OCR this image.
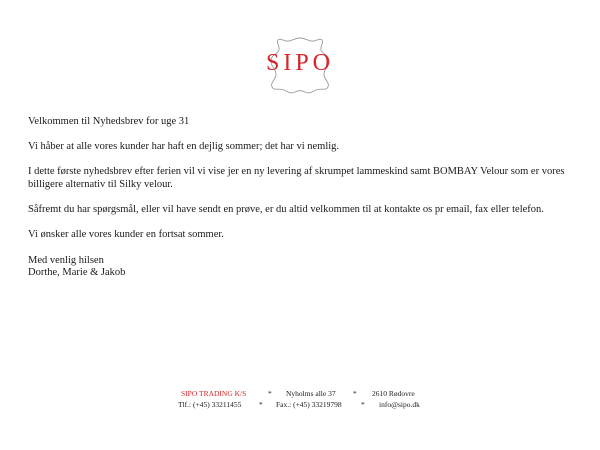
SIPO

Velkommen til Nyhedsbrev for uge 31

Vi håber at alle vores kunder har haft en dejlig sommer; det har vi nemlig.

I dette første nyhedsbrev efter ferien vil vi vise jer en ny levering af skrumpet lammeskind samt BOMBAY Velour som er vores
billigere alternativ til Silky velour.

Såfremt du har spørgsmål, eller vil have sendt en prøve, er du altid velkommen til at kontakte os pr email, fax eller telefon.

Vi ønsker alle vores kunder en fortsat sommer.

Med venlig hilsen

Dorthe, Marie & Jakob

SIPO TRADING K/S	* Nyholms alle 37 * 2610 Rødovre
Tlf.: (+45) 33211455 * Fax.: (+45) 33219798	* info@sipo.dk
